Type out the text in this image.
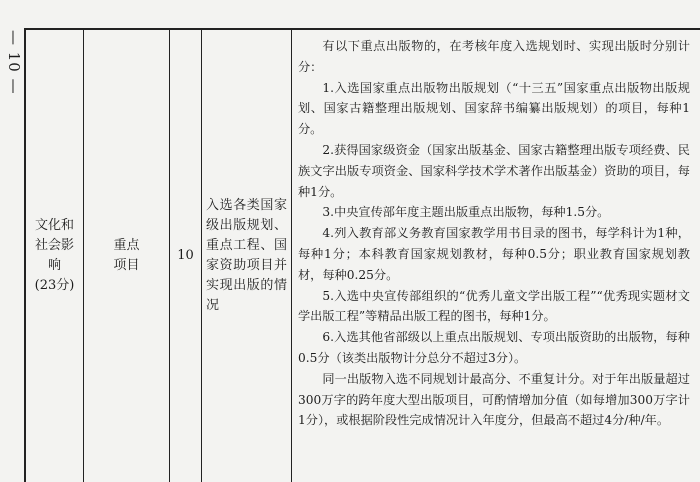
— 10 —
文化和
社会影
响
(23分)
重点项目
10
入选各类国家级出版规划、重点工程、国家资助项目并实现出版的情况

有以下重点出版物的，在考核年度入选规划时、实现出版时分别计分：

1.入选国家重点出版物出版规划（“十三五”国家重点出版物出版规划、国家古籍整理出版规划、国家辞书编纂出版规划）的项目，每种1分。

2.获得国家级资金（国家出版基金、国家古籍整理出版专项经费、民族文字出版专项资金、国家科学技术学术著作出版基金）资助的项目，每种1分。

3.中央宣传部年度主题出版重点出版物，每种1.5分。

4.列入教育部义务教育国家教学用书目录的图书，每学科计为1种，每种1分；本科教育国家规划教材，每种0.5分；职业教育国家规划教材，每种0.25分。

5.入选中央宣传部组织的“优秀儿童文学出版工程”“优秀现实题材文学出版工程”等精品出版工程的图书，每种1分。

6.入选其他省部级以上重点出版规划、专项出版资助的出版物，每种0.5分（该类出版物计分总分不超过3分）。

同一出版物入选不同规划计最高分、不重复计分。对于年出版量超过300万字的跨年度大型出版项目，可酌情增加分值（如每增加300万字计1分），或根据阶段性完成情况计入年度分，但最高不超过4分/种/年。
